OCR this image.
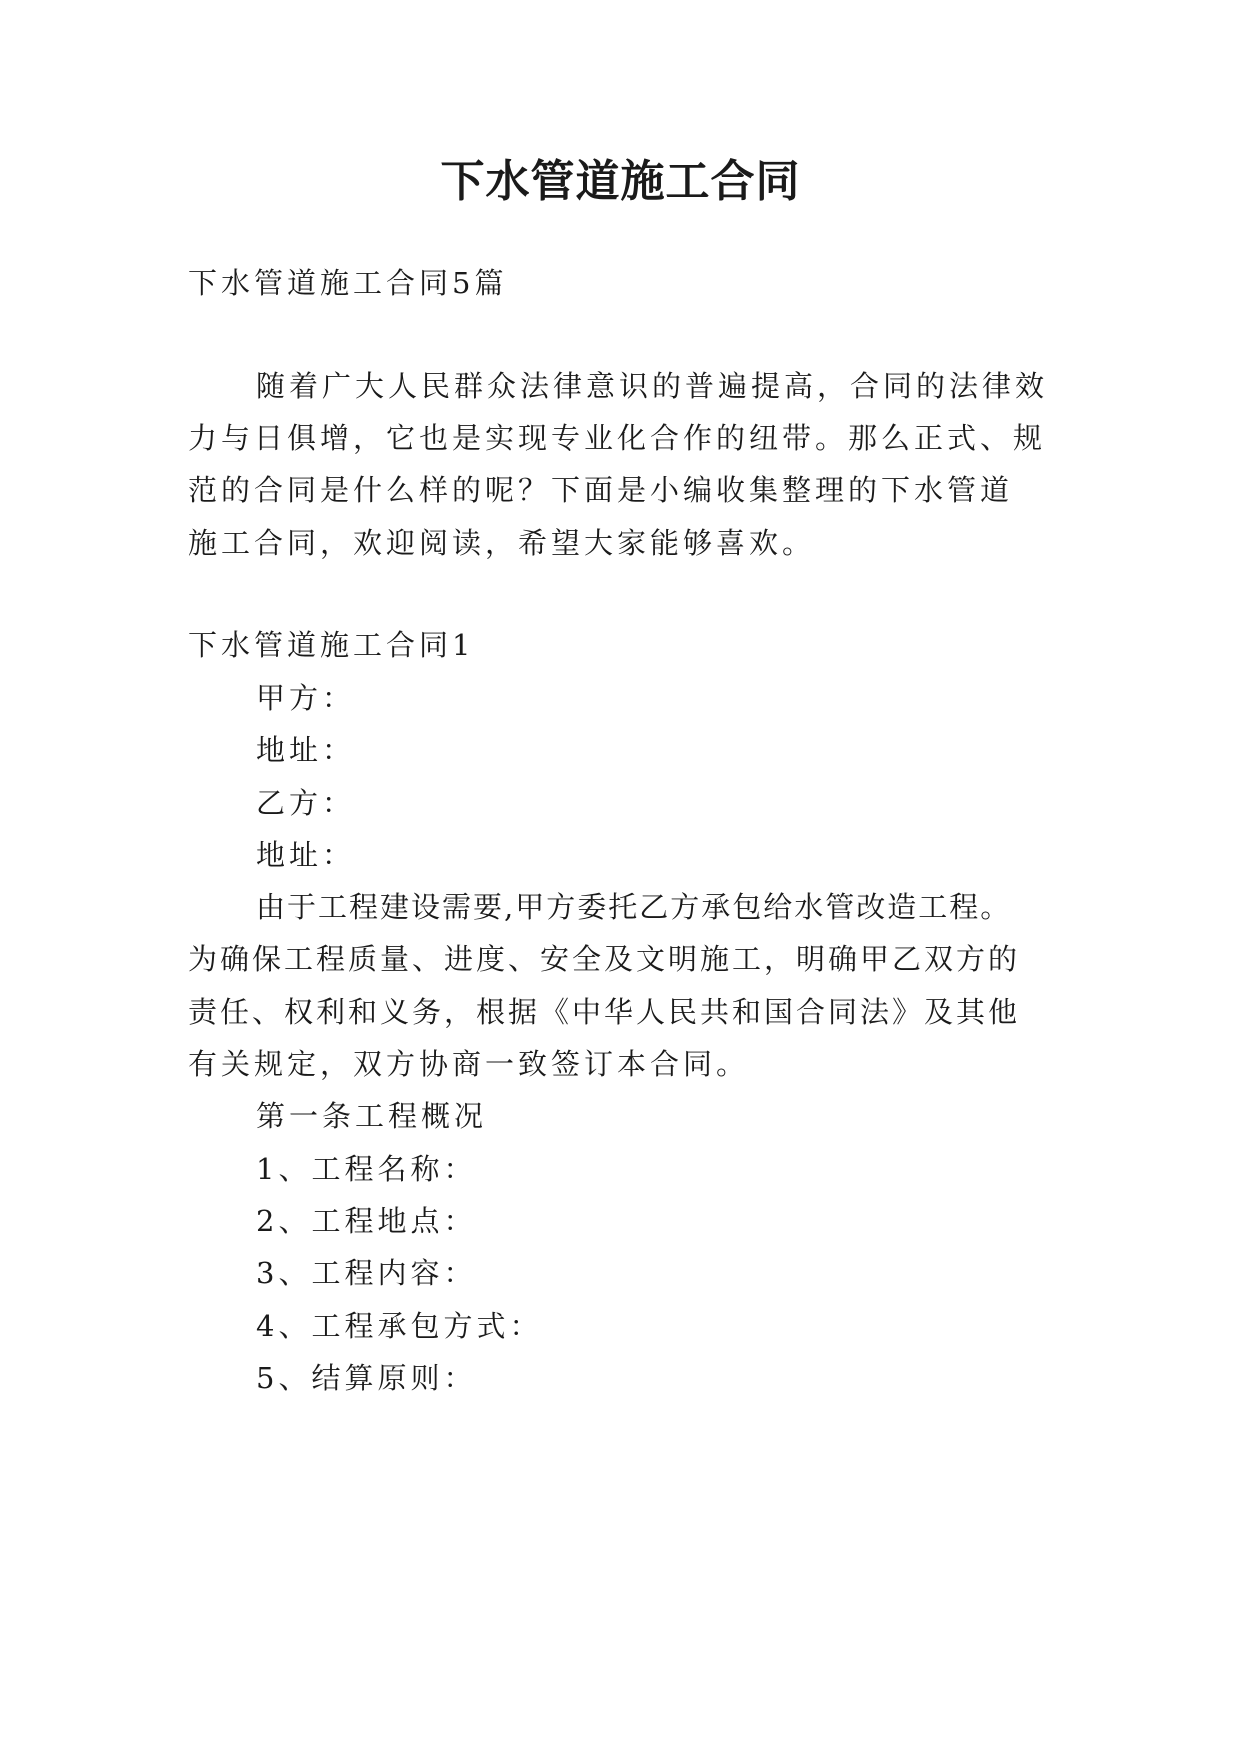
下水管道施工合同
下水管道施工合同5篇
随着广大人民群众法律意识的普遍提高，合同的法律效
力与日俱增，它也是实现专业化合作的纽带。那么正式、规
范的合同是什么样的呢？下面是小编收集整理的下水管道
施工合同，欢迎阅读，希望大家能够喜欢。
下水管道施工合同1
甲方：
地址：
乙方：
地址：
由于工程建设需要,甲方委托乙方承包给水管改造工程。
为确保工程质量、进度、安全及文明施工，明确甲乙双方的
责任、权利和义务，根据《中华人民共和国合同法》及其他
有关规定，双方协商一致签订本合同。
第一条工程概况
1、工程名称：
2、工程地点：
3、工程内容：
4、工程承包方式：
5、结算原则：
